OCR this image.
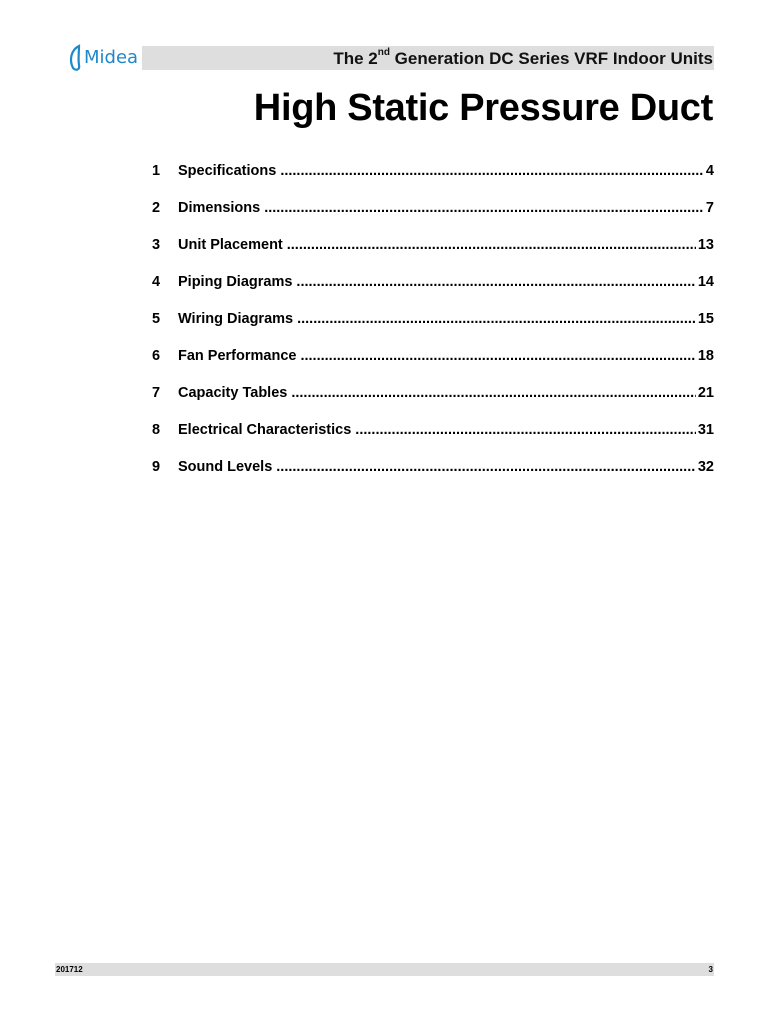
Midea	The 2nd Generation DC Series VRF Indoor Units
High Static Pressure Duct
1	Specifications .....	4
2	Dimensions .....	7
3	Unit Placement .....	13
4	Piping Diagrams .....	14
5	Wiring Diagrams .....	15
6	Fan Performance .....	18
7	Capacity Tables .....	21
8	Electrical Characteristics .....	31
9	Sound Levels .....	32
201712	3
